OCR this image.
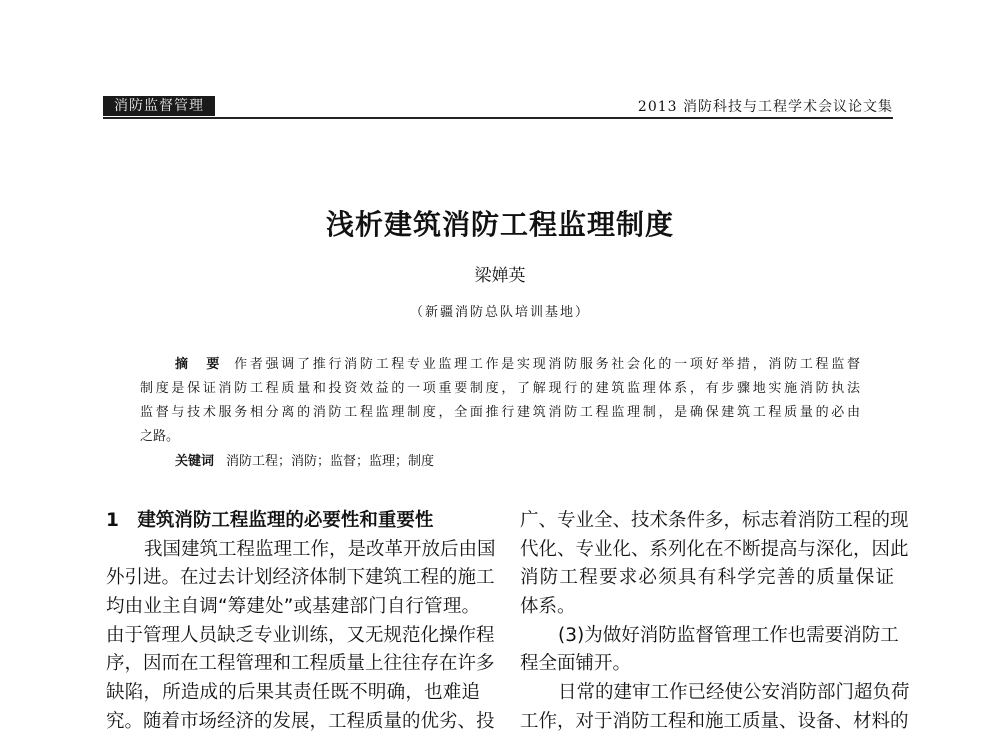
消防监督管理	2013 消防科技与工程学术会议论文集
浅析建筑消防工程监理制度
梁婵英
（新疆消防总队培训基地）
摘　要 作者强调了推行消防工程专业监理工作是实现消防服务社会化的一项好举措，消防工程监督
制度是保证消防工程质量和投资效益的一项重要制度，了解现行的建筑监理体系，有步骤地实施消防执法
监督与技术服务相分离的消防工程监理制度，全面推行建筑消防工程监理制，是确保建筑工程质量的必由
之路。
关键词 消防工程；消防；监督；监理；制度
1　建筑消防工程监理的必要性和重要性
我国建筑工程监理工作，是改革开放后由国
外引进。在过去计划经济体制下建筑工程的施工
均由业主自调“筹建处”或基建部门自行管理。
由于管理人员缺乏专业训练，又无规范化操作程
序，因而在工程管理和工程质量上往往存在许多
缺陷，所造成的后果其责任既不明确，也难追
究。随着市场经济的发展，工程质量的优劣、投
广、专业全、技术条件多，标志着消防工程的现
代化、专业化、系列化在不断提高与深化，因此
消防工程要求必须具有科学完善的质量保证
体系。
(3)为做好消防监督管理工作也需要消防工
程全面铺开。
日常的建审工作已经使公安消防部门超负荷
工作，对于消防工程和施工质量、设备、材料的
